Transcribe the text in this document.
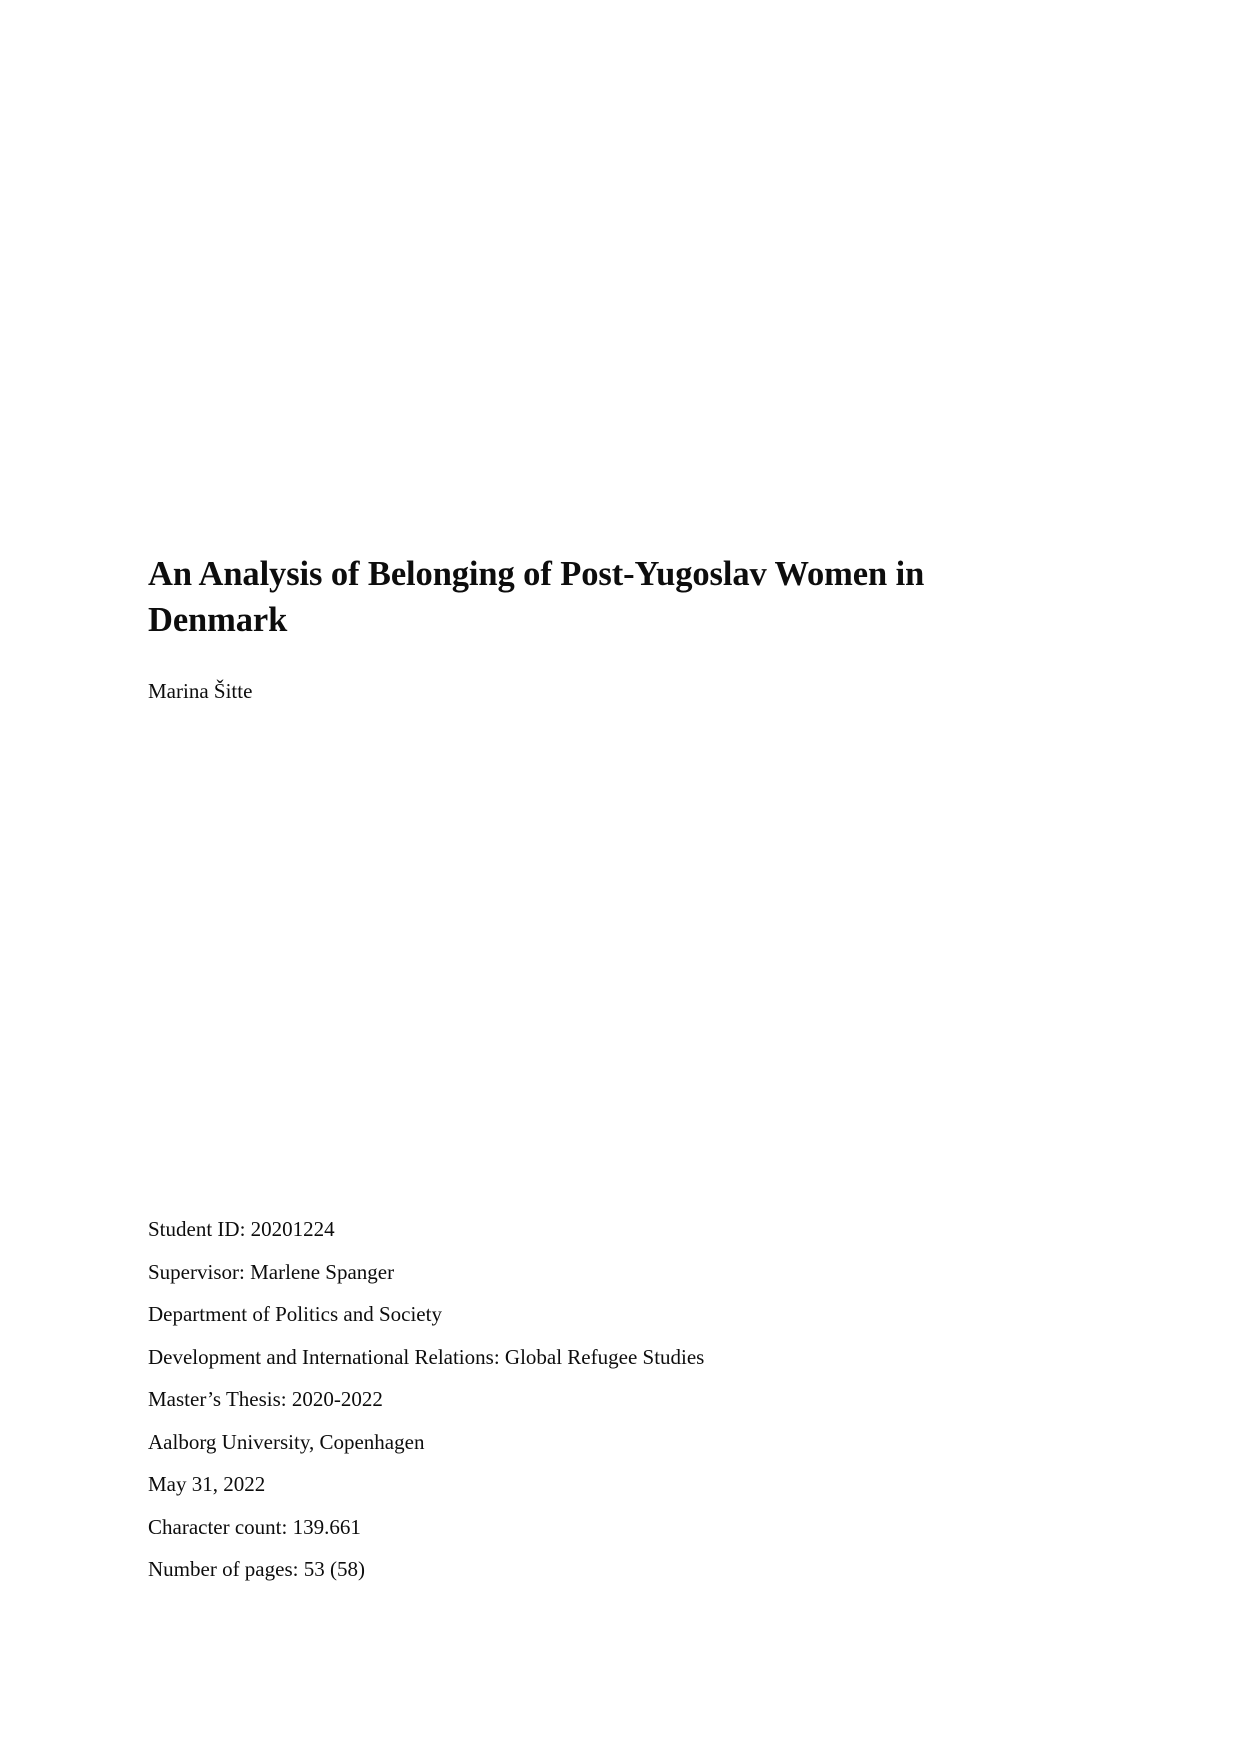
An Analysis of Belonging of Post-Yugoslav Women in Denmark
Marina Šitte

Student ID: 20201224

Supervisor: Marlene Spanger

Department of Politics and Society

Development and International Relations: Global Refugee Studies

Master’s Thesis: 2020-2022

Aalborg University, Copenhagen

May 31, 2022

Character count: 139.661

Number of pages: 53 (58)
